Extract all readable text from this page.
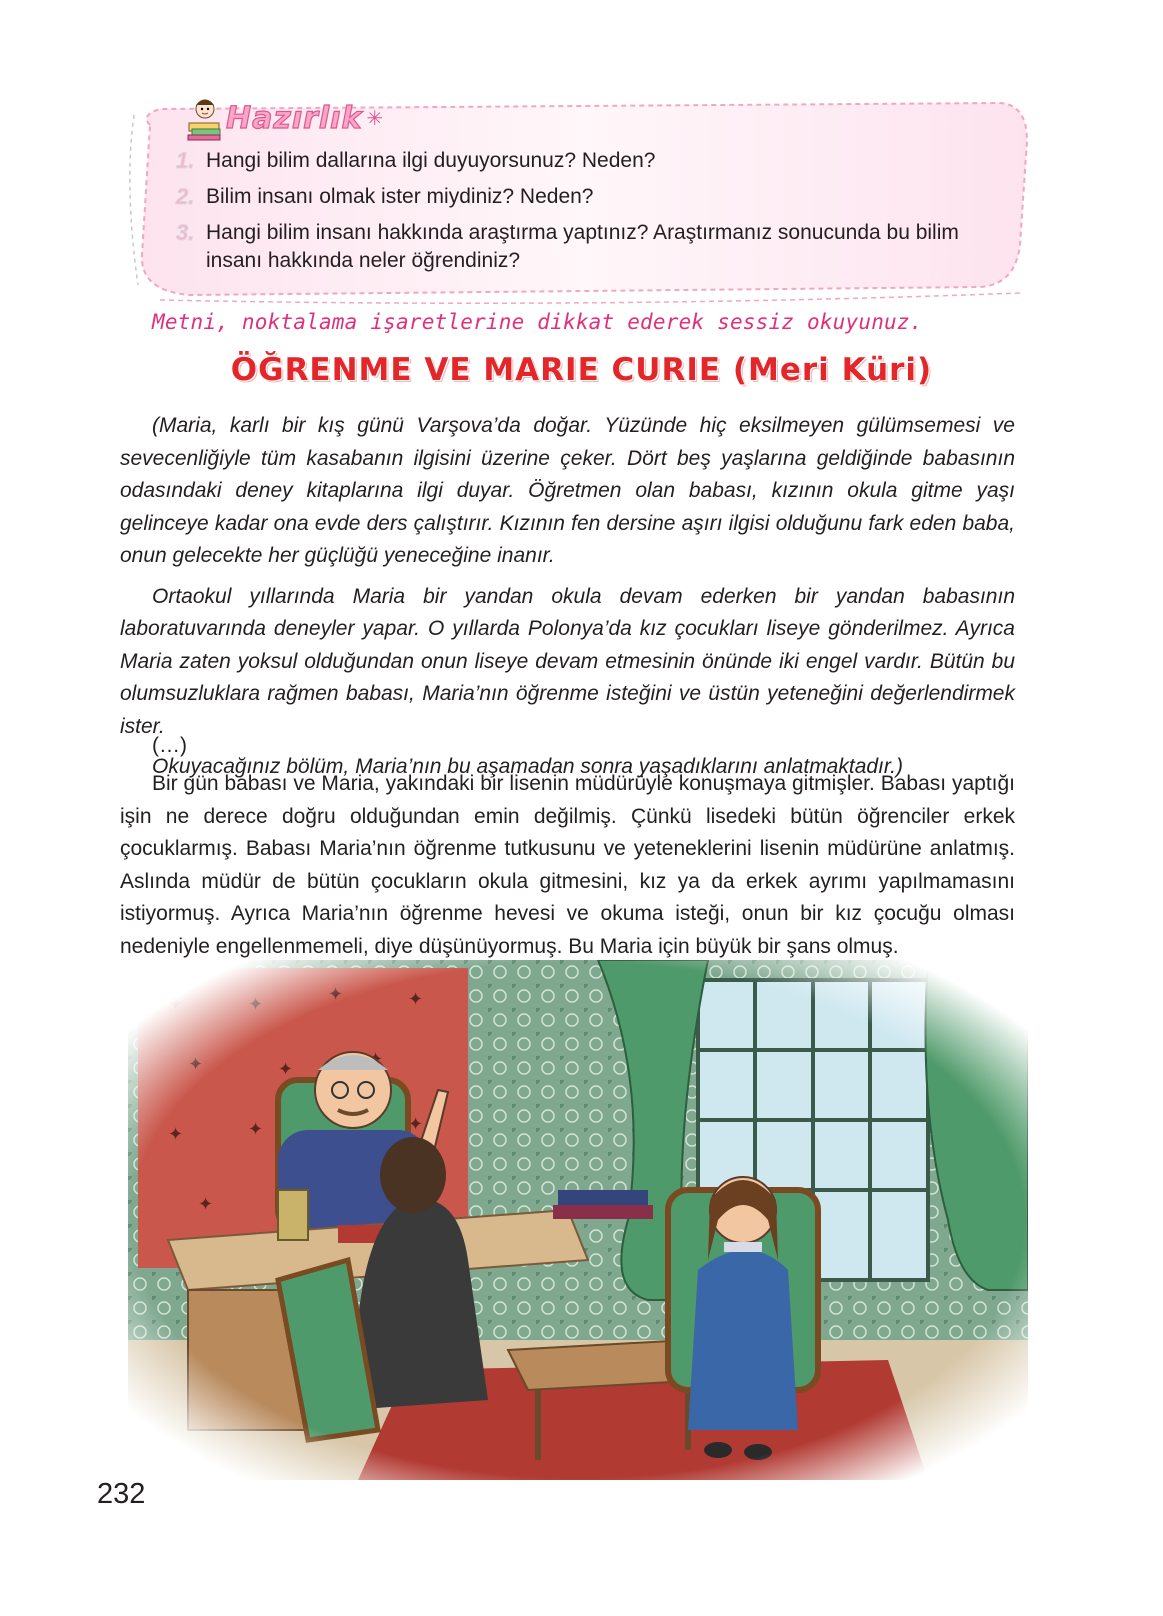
Hazırlık ✳
1. Hangi bilim dallarına ilgi duyuyorsunuz? Neden?
2. Bilim insanı olmak ister miydiniz? Neden?
3. Hangi bilim insanı hakkında araştırma yaptınız? Araştırmanız sonucunda bu bilim insanı hakkında neler öğrendiniz?
Metni, noktalama işaretlerine dikkat ederek sessiz okuyunuz.
ÖĞRENME VE MARIE CURIE (Meri Küri)

(Maria, karlı bir kış günü Varşova’da doğar. Yüzünde hiç eksilmeyen gülümsemesi ve sevecenliğiyle tüm kasabanın ilgisini üzerine çeker. Dört beş yaşlarına geldiğinde babasının odasındaki deney kitaplarına ilgi duyar. Öğretmen olan babası, kızının okula gitme yaşı gelinceye kadar ona evde ders çalıştırır. Kızının fen dersine aşırı ilgisi olduğunu fark eden baba, onun gelecekte her güçlüğü yeneceğine inanır.

Ortaokul yıllarında Maria bir yandan okula devam ederken bir yandan babasının laboratuvarında deneyler yapar. O yıllarda Polonya’da kız çocukları liseye gönderilmez. Ayrıca Maria zaten yoksul olduğundan onun liseye devam etmesinin önünde iki engel vardır. Bütün bu olumsuzluklara rağmen babası, Maria’nın öğrenme isteğini ve üstün yeteneğini değerlendirmek ister.

Okuyacağınız bölüm, Maria’nın bu aşamadan sonra yaşadıklarını anlatmaktadır.)

(…)

Bir gün babası ve Maria, yakındaki bir lisenin müdürüyle konuşmaya gitmişler. Babası yaptığı işin ne derece doğru olduğundan emin değilmiş. Çünkü lisedeki bütün öğrenciler erkek çocuklarmış. Babası Maria’nın öğrenme tutkusunu ve yeteneklerini lisenin müdürüne anlatmış. Aslında müdür de bütün çocukların okula gitmesini, kız ya da erkek ayrımı yapılmamasını istiyormuş. Ayrıca Maria’nın öğrenme hevesi ve okuma isteği, onun bir kız çocuğu olması nedeniyle engellenmemeli, diye düşünüyormuş. Bu Maria için büyük bir şans olmuş.

232
